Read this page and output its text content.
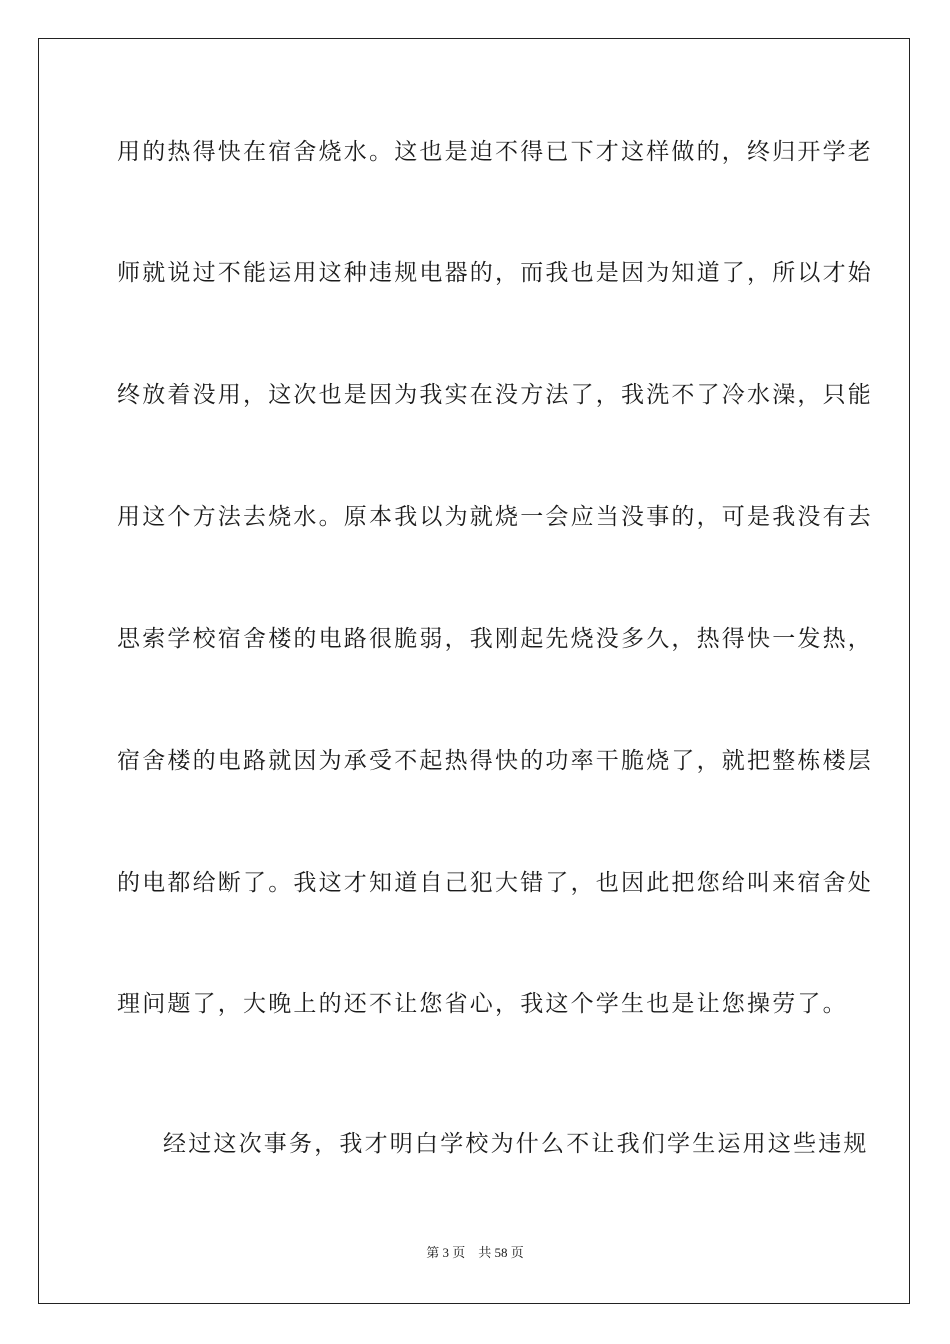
用的热得快在宿舍烧水。这也是迫不得已下才这样做的，终归开学老
师就说过不能运用这种违规电器的，而我也是因为知道了，所以才始
终放着没用，这次也是因为我实在没方法了，我洗不了冷水澡，只能
用这个方法去烧水。原本我以为就烧一会应当没事的，可是我没有去
思索学校宿舍楼的电路很脆弱，我刚起先烧没多久，热得快一发热，
宿舍楼的电路就因为承受不起热得快的功率干脆烧了，就把整栋楼层
的电都给断了。我这才知道自己犯大错了，也因此把您给叫来宿舍处
理问题了，大晚上的还不让您省心，我这个学生也是让您操劳了。
经过这次事务，我才明白学校为什么不让我们学生运用这些违规
第 3 页    共 58 页
